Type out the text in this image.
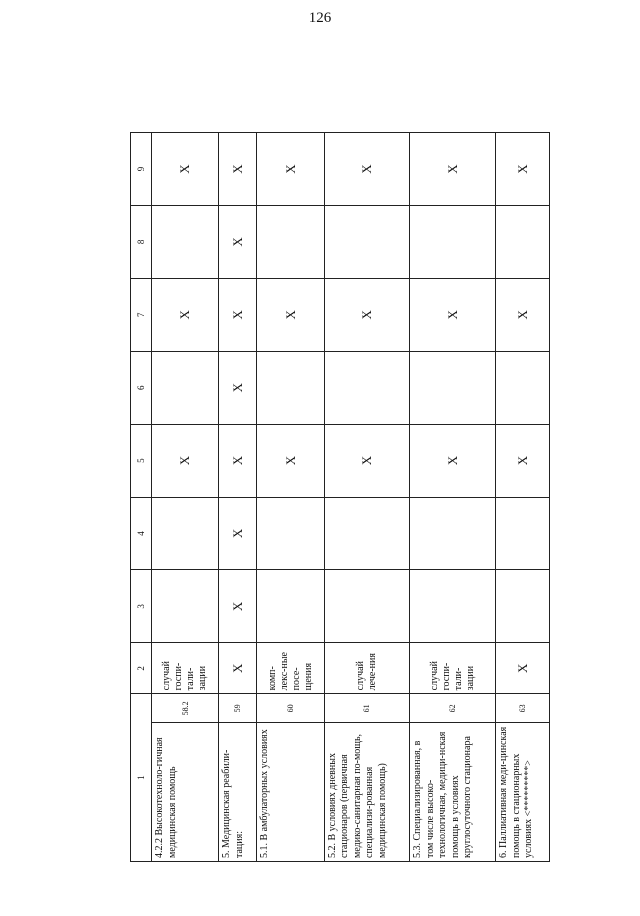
126
1		2	3	4	5	6	7	8	9
4.2.2 Высокотехноло-гичная медицинская помощь	58.2	случай госпи-тали-зации			X		X		X
5. Медицинская реабили-тация:	59	X	X	X	X	X	X	X	X
5.1. В амбулаторных условиях	60	комп-лекс-ные посе-щения			X		X		X
5.2. В условиях дневных стационаров (первичная медико-санитарная по-мощь, специализи-рованная медицинская помощь)	61	случай лече-ния			X		X		X
5.3. Специализированная, в том числе высоко-технологичная, медици-нская помощь в условиях круглосуточного стационара	62	случай госпи-тали-зации			X		X		X
6. Паллиативная меди-цинская помощь в стационарных условиях <*********>	63	X			X		X		X
